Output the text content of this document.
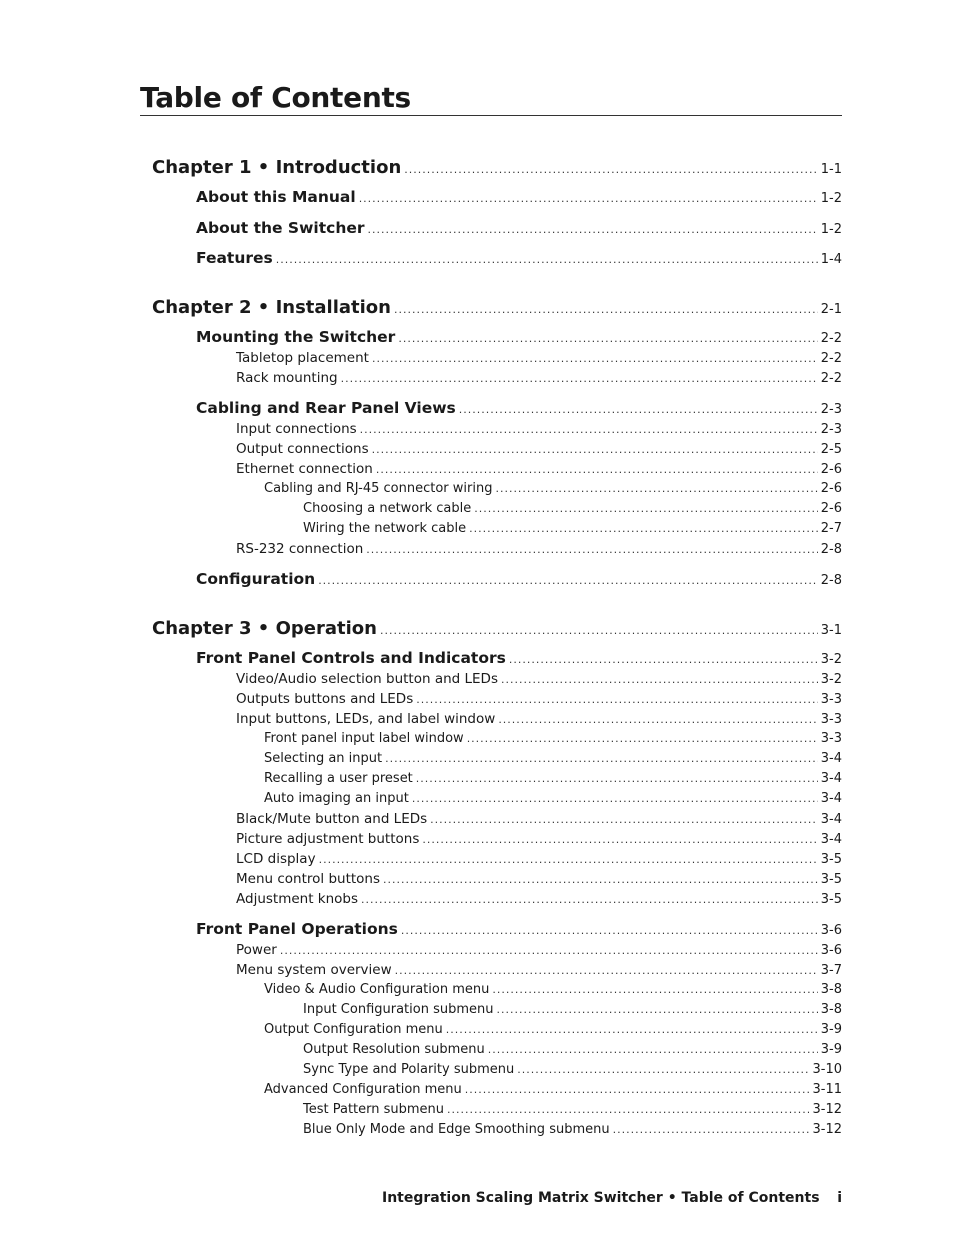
Table of Contents
Chapter 1 • Introduction .....	1-1
About this Manual .....	1-2
About the Switcher .....	1-2
Features .....	1-4
Chapter 2 • Installation .....	2-1
Mounting the Switcher .....	2-2
Tabletop placement .....	2-2
Rack mounting .....	2-2
Cabling and Rear Panel Views .....	2-3
Input connections .....	2-3
Output connections .....	2-5
Ethernet connection .....	2-6
Cabling and RJ-45 connector wiring .....	2-6
Choosing a network cable .....	2-6
Wiring the network cable .....	2-7
RS-232 connection .....	2-8
Configuration .....	2-8
Chapter 3 • Operation .....	3-1
Front Panel Controls and Indicators .....	3-2
Video/Audio selection button and LEDs .....	3-2
Outputs buttons and LEDs .....	3-3
Input buttons, LEDs, and label window .....	3-3
Front panel input label window .....	3-3
Selecting an input .....	3-4
Recalling a user preset .....	3-4
Auto imaging an input .....	3-4
Black/Mute button and LEDs .....	3-4
Picture adjustment buttons .....	3-4
LCD display .....	3-5
Menu control buttons .....	3-5
Adjustment knobs .....	3-5
Front Panel Operations .....	3-6
Power .....	3-6
Menu system overview .....	3-7
Video & Audio Configuration menu .....	3-8
Input Configuration submenu .....	3-8
Output Configuration menu .....	3-9
Output Resolution submenu .....	3-9
Sync Type and Polarity submenu .....	3-10
Advanced Configuration menu .....	3-11
Test Pattern submenu .....	3-12
Blue Only Mode and Edge Smoothing submenu .....	3-12
Integration Scaling Matrix Switcher • Table of Contents i
